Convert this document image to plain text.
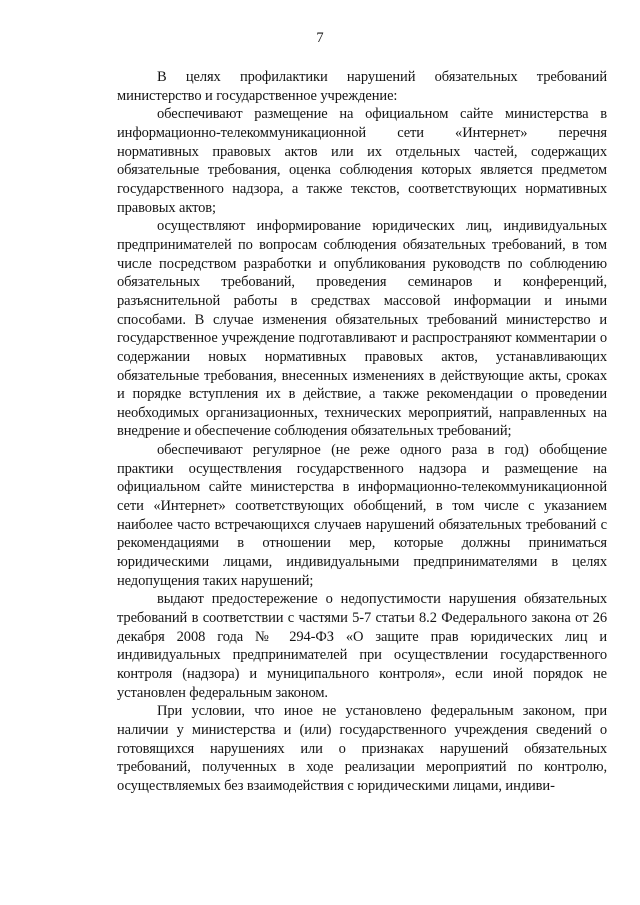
7

В целях профилактики нарушений обязательных требований министерство и государственное учреждение:

обеспечивают размещение на официальном сайте министерства в информационно-телекоммуникационной сети «Интернет» перечня нормативных правовых актов или их отдельных частей, содержащих обязательные требования, оценка соблюдения которых является предметом государственного надзора, а также текстов, соответствующих нормативных правовых актов;

осуществляют информирование юридических лиц, индивидуальных предпринимателей по вопросам соблюдения обязательных требований, в том числе посредством разработки и опубликования руководств по соблюдению обязательных требований, проведения семинаров и конференций, разъяснительной работы в средствах массовой информации и иными способами. В случае изменения обязательных требований министерство и государственное учреждение подготавливают и распространяют комментарии о содержании новых нормативных правовых актов, устанавливающих обязательные требования, внесенных изменениях в действующие акты, сроках и порядке вступления их в действие, а также рекомендации о проведении необходимых организационных, технических мероприятий, направленных на внедрение и обеспечение соблюдения обязательных требований;

обеспечивают регулярное (не реже одного раза в год) обобщение практики осуществления государственного надзора и размещение на официальном сайте министерства в информационно-телекоммуникационной сети «Интернет» соответствующих обобщений, в том числе с указанием наиболее часто встречающихся случаев нарушений обязательных требований с рекомендациями в отношении мер, которые должны приниматься юридическими лицами, индивидуальными предпринимателями в целях недопущения таких нарушений;

выдают предостережение о недопустимости нарушения обязательных требований в соответствии с частями 5-7 статьи 8.2 Федерального закона от 26 декабря 2008 года № 294-ФЗ «О защите прав юридических лиц и индивидуальных предпринимателей при осуществлении государственного контроля (надзора) и муниципального контроля», если иной порядок не установлен федеральным законом.

При условии, что иное не установлено федеральным законом, при наличии у министерства и (или) государственного учреждения сведений о готовящихся нарушениях или о признаках нарушений обязательных требований, полученных в ходе реализации мероприятий по контролю, осуществляемых без взаимодействия с юридическими лицами, индиви-
